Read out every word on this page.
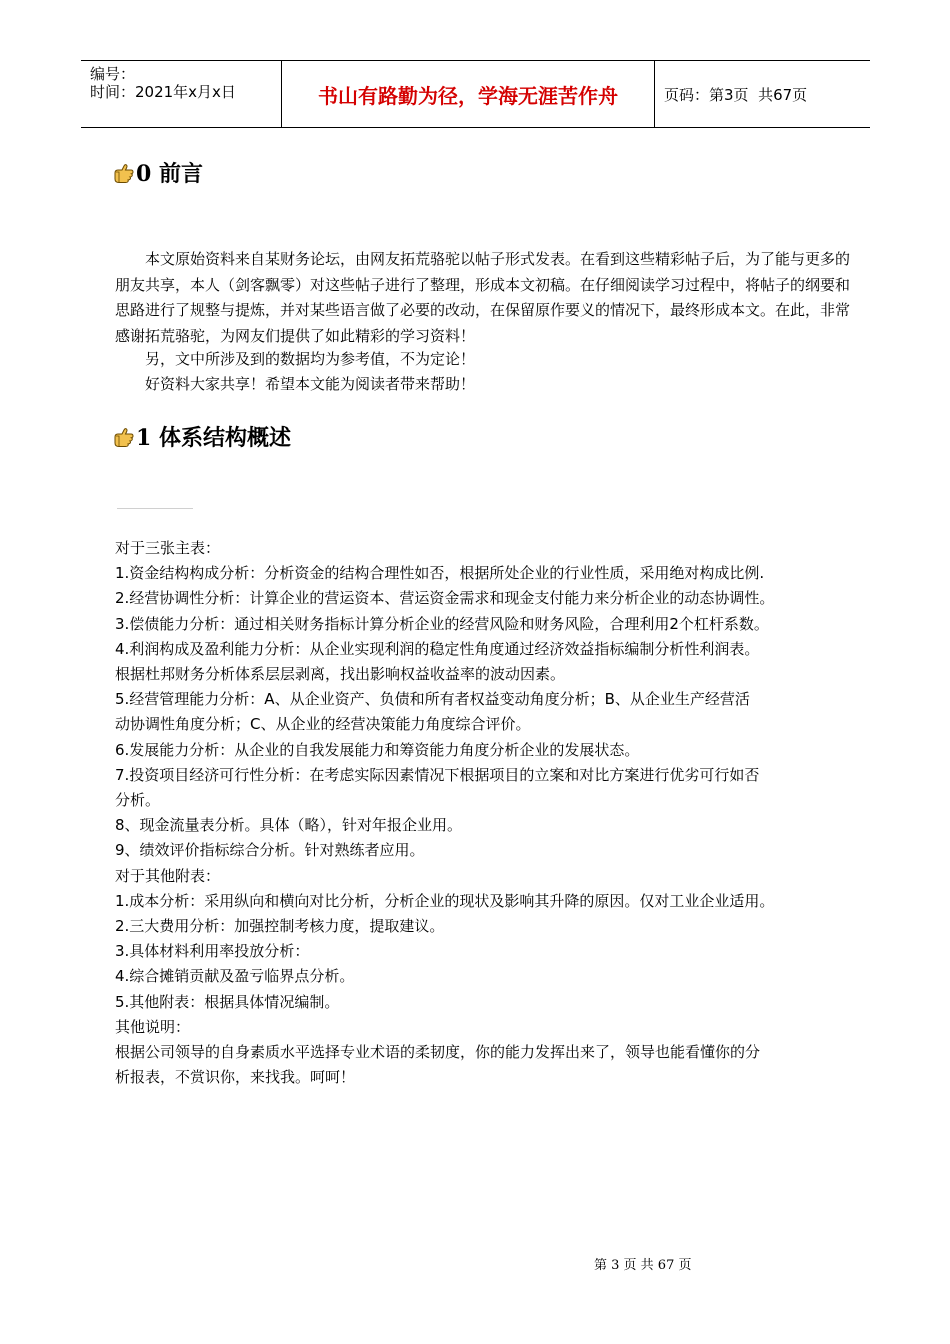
编号：
时间：2021年x月x日	书山有路勤为径，学海无涯苦作舟	页码：第3页  共67页
0 前言

本文原始资料来自某财务论坛，由网友拓荒骆驼以帖子形式发表。在看到这些精彩帖子后，为了能与更多的朋友共享，本人（剑客飘零）对这些帖子进行了整理，形成本文初稿。在仔细阅读学习过程中，将帖子的纲要和思路进行了规整与提炼，并对某些语言做了必要的改动，在保留原作要义的情况下，最终形成本文。在此，非常感谢拓荒骆驼，为网友们提供了如此精彩的学习资料！

另，文中所涉及到的数据均为参考值，不为定论！

好资料大家共享！希望本文能为阅读者带来帮助！

1 体系结构概述
对于三张主表：
1.资金结构构成分析：分析资金的结构合理性如否，根据所处企业的行业性质，采用绝对构成比例.
2.经营协调性分析：计算企业的营运资本、营运资金需求和现金支付能力来分析企业的动态协调性。
3.偿债能力分析：通过相关财务指标计算分析企业的经营风险和财务风险，合理利用2个杠杆系数。
4.利润构成及盈利能力分析：从企业实现利润的稳定性角度通过经济效益指标编制分析性利润表。
根据杜邦财务分析体系层层剥离，找出影响权益收益率的波动因素。
5.经营管理能力分析：A、从企业资产、负债和所有者权益变动角度分析；B、从企业生产经营活
动协调性角度分析；C、从企业的经营决策能力角度综合评价。
6.发展能力分析：从企业的自我发展能力和筹资能力角度分析企业的发展状态。
7.投资项目经济可行性分析：在考虑实际因素情况下根据项目的立案和对比方案进行优劣可行如否
分析。
8、现金流量表分析。具体（略），针对年报企业用。
9、绩效评价指标综合分析。针对熟练者应用。
对于其他附表：
1.成本分析：采用纵向和横向对比分析，分析企业的现状及影响其升降的原因。仅对工业企业适用。
2.三大费用分析：加强控制考核力度，提取建议。
3.具体材料利用率投放分析：
4.综合摊销贡献及盈亏临界点分析。
5.其他附表：根据具体情况编制。
其他说明：
根据公司领导的自身素质水平选择专业术语的柔韧度，你的能力发挥出来了，领导也能看懂你的分
析报表，不赏识你，来找我。呵呵！
第 3 页 共 67 页
